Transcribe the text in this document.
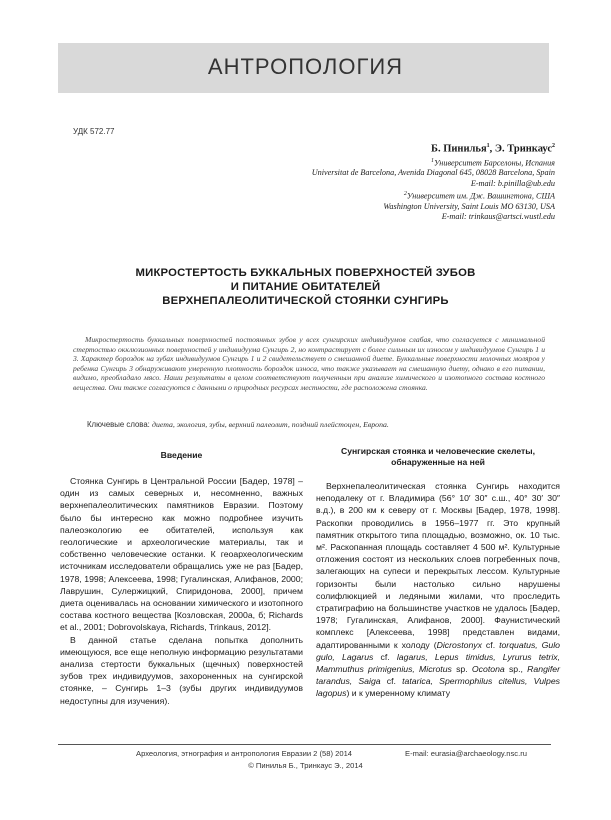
АНТРОПОЛОГИЯ
УДК 572.77
Б. Пинилья$^1$, Э. Тринкаус$^2$
$^1$Университет Барселоны, Испания
Universitat de Barcelona, Avenida Diagonal 645, 08028 Barcelona, Spain
E-mail: b.pinilla@ub.edu
$^2$Университет им. Дж. Вашингтона, США
Washington University, Saint Louis MO 63130, USA
E-mail: trinkaus@artsci.wustl.edu
МИКРОСТЕРТОСТЬ БУККАЛЬНЫХ ПОВЕРХНОСТЕЙ ЗУБОВ
И ПИТАНИЕ ОБИТАТЕЛЕЙ
ВЕРХНЕПАЛЕОЛИТИЧЕСКОЙ СТОЯНКИ СУНГИРЬ
Микростертость буккальных поверхностей постоянных зубов у всех сунгирских индивидуумов слабая, что согласуется с минимальной стертостью окклюзионных поверхностей у индивидуума Сунгирь 2, но контрастирует с более сильным их износом у индивидуумов Сунгирь 1 и 3. Характер бороздок на зубах индивидуумов Сунгирь 1 и 2 свидетельствует о смешанной диете. Буккальные поверхности молочных моляров у ребенка Сунгирь 3 обнаруживают умеренную плотность бороздок износа, что также указывает на смешанную диету, однако в его питании, видимо, преобладало мясо. Наши результаты в целом соответствуют полученным при анализе химического и изотопного состава костного вещества. Они также согласуются с данными о природных ресурсах местности, где расположена стоянка.
Ключевые слова: диета, экология, зубы, верхний палеолит, поздний плейстоцен, Европа.
Введение	Сунгирская стоянка и человеческие скелеты,
обнаруженные на ней

Стоянка Сунгирь в Центральной России [Бадер, 1978] – один из самых северных и, несомненно, важных верхнепалеолитических памятников Евразии. Поэтому было бы интересно как можно подробнее изучить палеоэкологию ее обитателей, используя как геологические и археологические материалы, так и собственно человеческие останки. К геоархеологическим источникам исследователи обращались уже не раз [Бадер, 1978, 1998; Алексеева, 1998; Гугалинская, Алифанов, 2000; Лаврушин, Сулержицкий, Спиридонова, 2000], причем диета оценивалась на основании химического и изотопного состава костного вещества [Козловская, 2000а, б; Richards et al., 2001; Dobrovolskaya, Richards, Trinkaus, 2012].

В данной статье сделана попытка дополнить имеющуюся, все еще неполную информацию результатами анализа стертости буккальных (щечных) поверхностей зубов трех индивидуумов, захороненных на сунгирской стоянке, – Сунгирь 1–3 (зубы других индивидуумов недоступны для изучения).

Верхнепалеолитическая стоянка Сунгирь находится неподалеку от г. Владимира (56° 10′ 30″ с.ш., 40° 30′ 30″ в.д.), в 200 км к северу от г. Москвы [Бадер, 1978, 1998]. Раскопки проводились в 1956–1977 гг. Это крупный памятник открытого типа площадью, возможно, ок. 10 тыс. м². Раскопанная площадь составляет 4 500 м². Культурные отложения состоят из нескольких слоев погребенных почв, залегающих на супеси и перекрытых лессом. Культурные горизонты были настолько сильно нарушены солифлюкцией и ледяными жилами, что проследить стратиграфию на большинстве участков не удалось [Бадер, 1978; Гугалинская, Алифанов, 2000]. Фаунистический комплекс [Алексеева, 1998] представлен видами, адаптированными к холоду (Dicrostonyx cf. torquatus, Gulo gulo, Lagarus cf. lagarus, Lepus timidus, Lyrurus tetrix, Mammuthus primigenius, Microtus sp. Ocotona sp., Rangifer tarandus, Saiga cf. tatarica, Spermophilus citellus, Vulpes lagopus) и к умеренному климату

Археология, этнография и антропология Евразии 2 (58) 2014	E-mail: eurasia@archaeology.nsc.ru
© Пинилья Б., Тринкаус Э., 2014
